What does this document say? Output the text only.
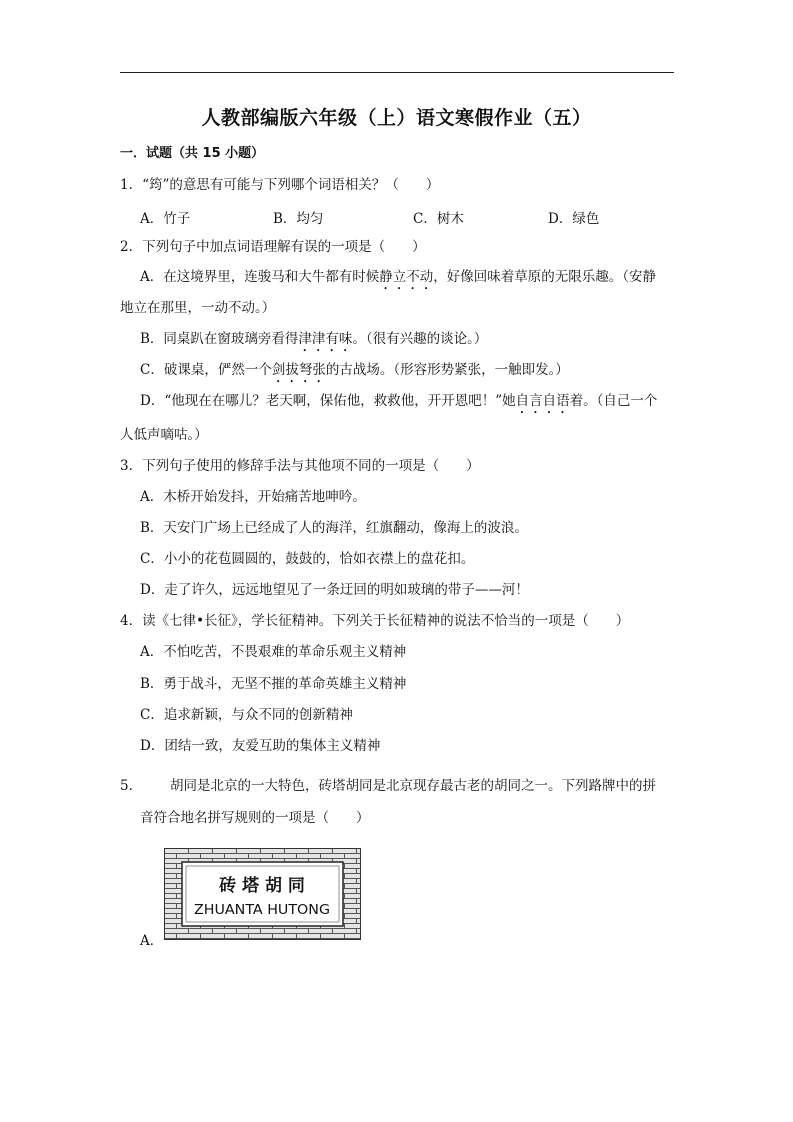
人教部编版六年级（上）语文寒假作业（五）
一．试题（共 15 小题）
1．“筠”的意思有可能与下列哪个词语相关？（　　）
A．竹子	B．均匀	C．树木	D．绿色
2．下列句子中加点词语理解有误的一项是（　　）
A．在这境界里，连骏马和大牛都有时候静立不动，好像回味着草原的无限乐趣。（安静
地立在那里，一动不动。）
B．同桌趴在窗玻璃旁看得津津有味。（很有兴趣的谈论。）
C．破课桌，俨然一个剑拔弩张的古战场。（形容形势紧张，一触即发。）
D．“他现在在哪儿？老天啊，保佑他，救救他，开开恩吧！”她自言自语着。（自己一个
人低声嘀咕。）
3．下列句子使用的修辞手法与其他项不同的一项是（　　）
A．木桥开始发抖，开始痛苦地呻吟。
B．天安门广场上已经成了人的海洋，红旗翻动，像海上的波浪。
C．小小的花苞圆圆的，鼓鼓的，恰如衣襟上的盘花扣。
D．走了许久，远远地望见了一条迂回的明如玻璃的带子——河！
4．读《七律•长征》，学长征精神。下列关于长征精神的说法不恰当的一项是（　　）
A．不怕吃苦，不畏艰难的革命乐观主义精神
B．勇于战斗，无坚不摧的革命英雄主义精神
C．追求新颖，与众不同的创新精神
D．团结一致，友爱互助的集体主义精神
5． 胡同是北京的一大特色，砖塔胡同是北京现存最古老的胡同之一。下列路牌中的拼
音符合地名拼写规则的一项是（　　）
砖 塔 胡 同
ZHUANTA HUTONG
A．
